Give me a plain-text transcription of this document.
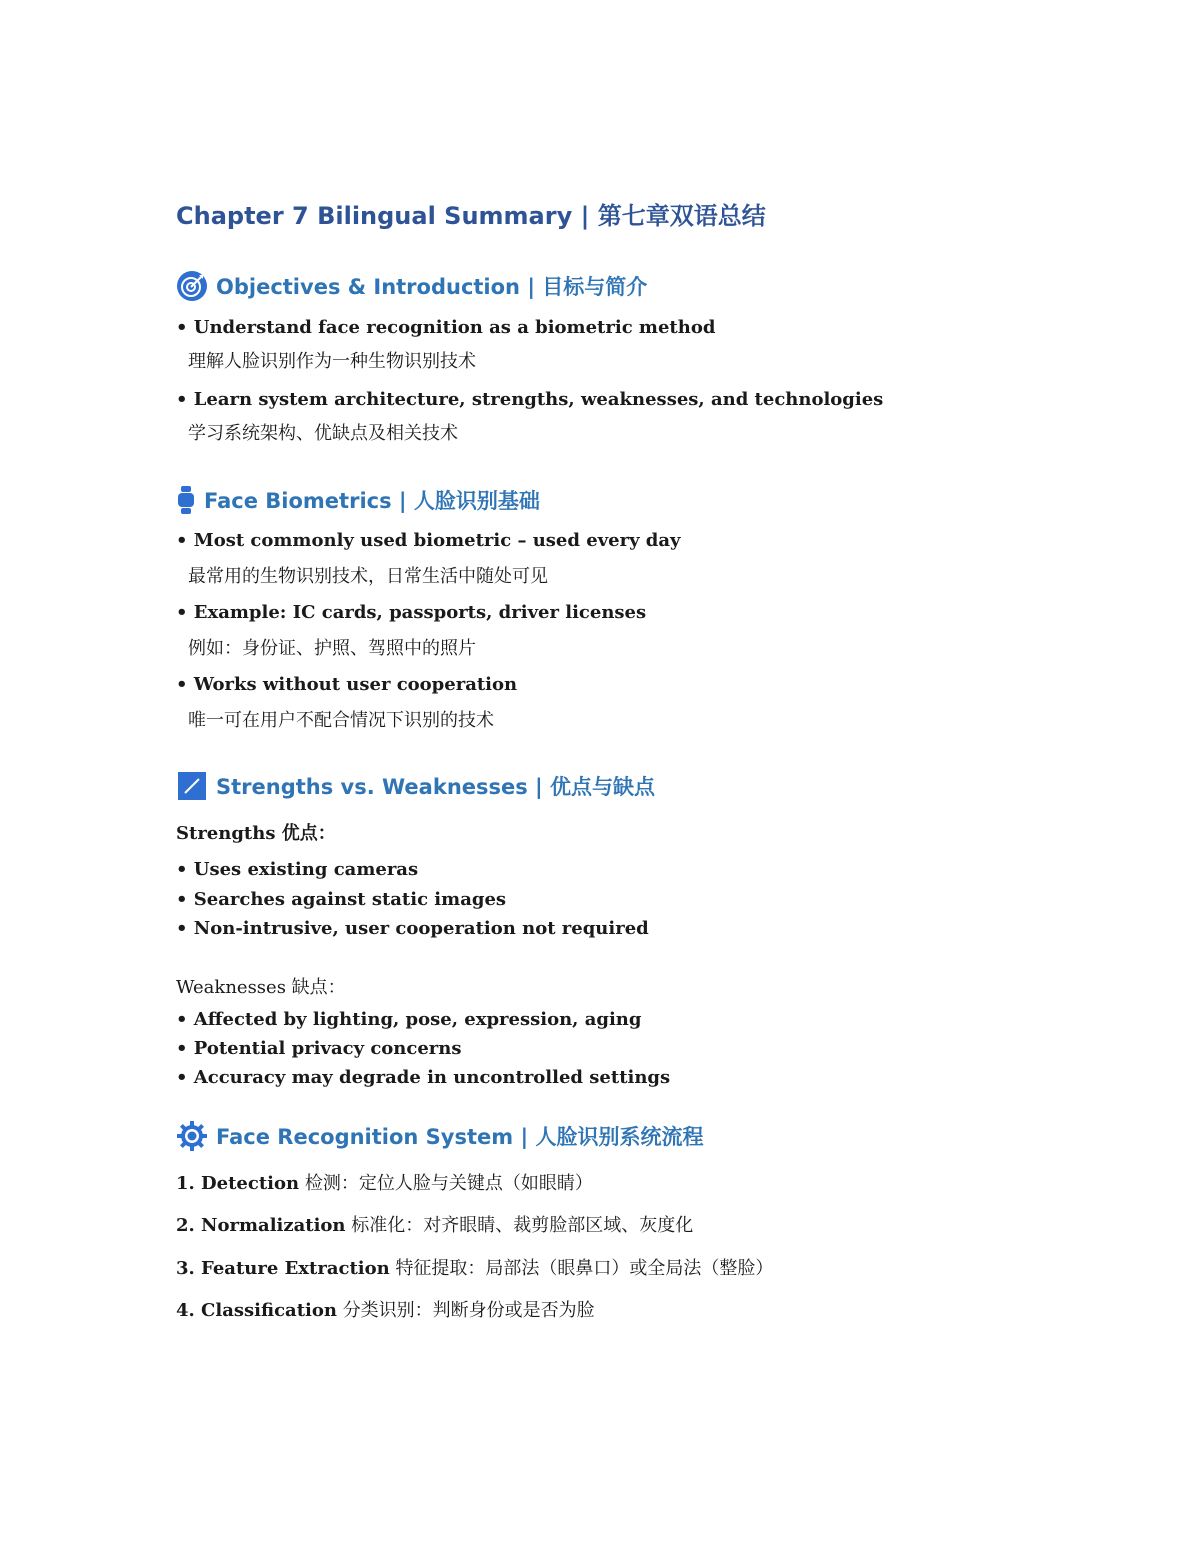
Chapter 7 Bilingual Summary | 第七章双语总结
Objectives & Introduction | 目标与简介
• Understand face recognition as a biometric method
理解人脸识别作为一种生物识别技术
• Learn system architecture, strengths, weaknesses, and technologies
学习系统架构、优缺点及相关技术
Face Biometrics | 人脸识别基础
• Most commonly used biometric – used every day
最常用的生物识别技术，日常生活中随处可见
• Example: IC cards, passports, driver licenses
例如：身份证、护照、驾照中的照片
• Works without user cooperation
唯一可在用户不配合情况下识别的技术
Strengths vs. Weaknesses | 优点与缺点
Strengths 优点：
• Uses existing cameras
• Searches against static images
• Non-intrusive, user cooperation not required
Weaknesses 缺点：
• Affected by lighting, pose, expression, aging
• Potential privacy concerns
• Accuracy may degrade in uncontrolled settings
Face Recognition System | 人脸识别系统流程
1. Detection 检测：定位人脸与关键点（如眼睛）
2. Normalization 标准化：对齐眼睛、裁剪脸部区域、灰度化
3. Feature Extraction 特征提取：局部法（眼鼻口）或全局法（整脸）
4. Classification 分类识别：判断身份或是否为脸
